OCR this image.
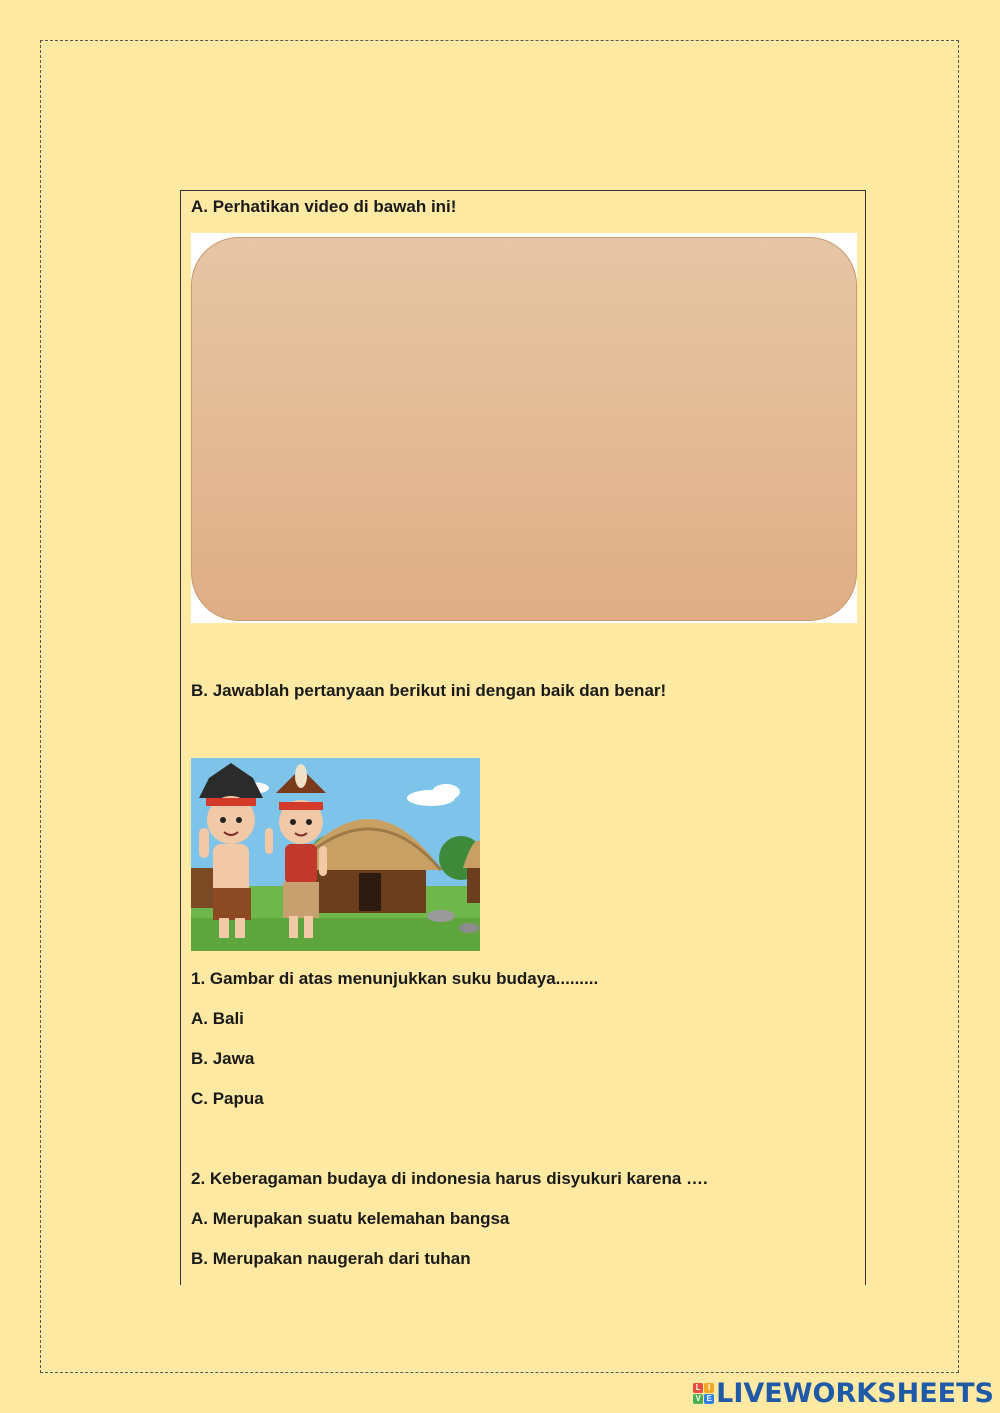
A. Perhatikan video di bawah ini!
B. Jawablah pertanyaan berikut ini dengan baik dan benar!
1. Gambar di atas menunjukkan suku budaya.........
A. Bali
B. Jawa
C. Papua
2. Keberagaman budaya di indonesia harus disyukuri karena ….
A. Merupakan suatu kelemahan bangsa
B. Merupakan naugerah dari tuhan
L I
V E LIVEWORKSHEETS
